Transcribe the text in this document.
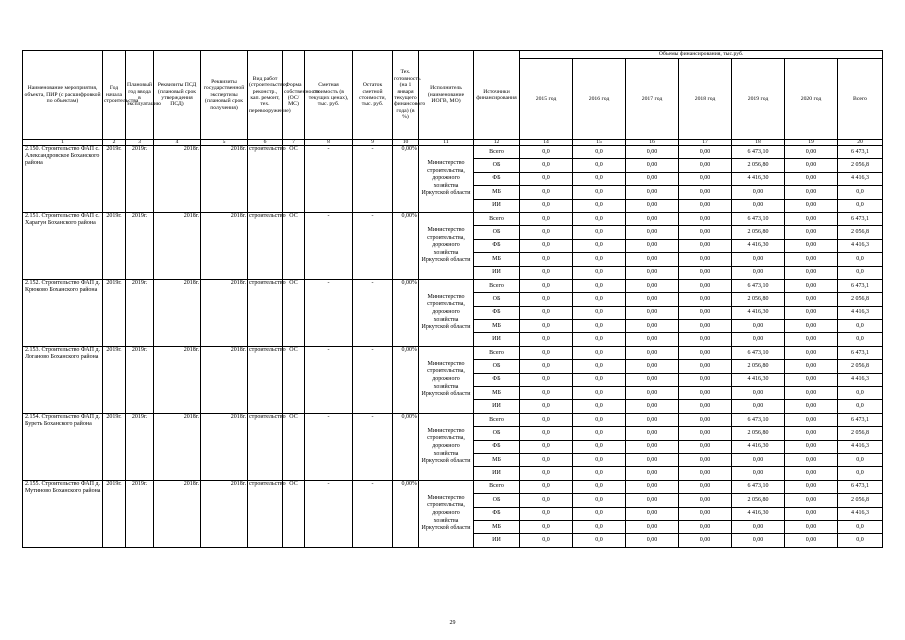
Наименование мероприятия, объекта, ПИР (с расшифровкой по объектам)	Год начала строительства	Плановый год ввода в эксплуатацию	Реквизиты ПСД (плановый срок утверждения ПСД)	Реквизиты государственной экспертизы (плановый срок получения)	Вид работ (строительство, реконстр., кап. ремонт, тех. перевооружение)	Форма собственности (ОС/МС)	Сметная стоимость (в текущих ценах), тыс. руб.	Остаток сметной стоимости, тыс. руб.	Тех. готовность (на 1 января текущего финансового года) (в %)	Исполнитель (наименование ИОГВ, МО)	Источники финансирования	Объемы финансирования, тыс.руб.						
												2015 год	2016 год	2017 год	2018 год	2019 год	2020 год	Всего
1	2	3	4	5	6	7	8	9	10	11	12	14	15	16	17	18	19	20
2.150. Строительство ФАП с. Александровское Боханского района	2019г.	2019г.	2018г.	2018г.	строительство	ОС	-	-	0,00%	Министерство строительства, дорожного хозяйства Иркутской области	Всего	0,0	0,0	0,00	0,00	6 473,10	0,00	6 473,1
											ОБ	0,0	0,0	0,00	0,00	2 056,80	0,00	2 056,8
											ФБ	0,0	0,0	0,00	0,00	4 416,30	0,00	4 416,3
											МБ	0,0	0,0	0,00	0,00	0,00	0,00	0,0
											ИИ	0,0	0,0	0,00	0,00	0,00	0,00	0,0
2.151. Строительство ФАП с. Харагун Боханского района	2019г.	2019г.	2018г.	2018г.	строительство	ОС	-	-	0,00%	Министерство строительства, дорожного хозяйства Иркутской области	Всего	0,0	0,0	0,00	0,00	6 473,10	0,00	6 473,1
											ОБ	0,0	0,0	0,00	0,00	2 056,80	0,00	2 056,8
											ФБ	0,0	0,0	0,00	0,00	4 416,30	0,00	4 416,3
											МБ	0,0	0,0	0,00	0,00	0,00	0,00	0,0
											ИИ	0,0	0,0	0,00	0,00	0,00	0,00	0,0
2.152. Строительство ФАП д. Крюково Боханского района	2019г.	2019г.	2018г.	2018г.	строительство	ОС	-	-	0,00%	Министерство строительства, дорожного хозяйства Иркутской области	Всего	0,0	0,0	0,00	0,00	6 473,10	0,00	6 473,1
											ОБ	0,0	0,0	0,00	0,00	2 056,80	0,00	2 056,8
											ФБ	0,0	0,0	0,00	0,00	4 416,30	0,00	4 416,3
											МБ	0,0	0,0	0,00	0,00	0,00	0,00	0,0
											ИИ	0,0	0,0	0,00	0,00	0,00	0,00	0,0
2.153. Строительство ФАП д. Логаново Боханского района	2019г.	2019г.	2018г.	2018г.	строительство	ОС	-	-	0,00%	Министерство строительства, дорожного хозяйства Иркутской области	Всего	0,0	0,0	0,00	0,00	6 473,10	0,00	6 473,1
											ОБ	0,0	0,0	0,00	0,00	2 056,80	0,00	2 056,8
											ФБ	0,0	0,0	0,00	0,00	4 416,30	0,00	4 416,3
											МБ	0,0	0,0	0,00	0,00	0,00	0,00	0,0
											ИИ	0,0	0,0	0,00	0,00	0,00	0,00	0,0
2.154. Строительство ФАП д. Буреть Боханского района	2019г.	2019г.	2018г.	2018г.	строительство	ОС	-	-	0,00%	Министерство строительства, дорожного хозяйства Иркутской области	Всего	0,0	0,0	0,00	0,00	6 473,10	0,00	6 473,1
											ОБ	0,0	0,0	0,00	0,00	2 056,80	0,00	2 056,8
											ФБ	0,0	0,0	0,00	0,00	4 416,30	0,00	4 416,3
											МБ	0,0	0,0	0,00	0,00	0,00	0,00	0,0
											ИИ	0,0	0,0	0,00	0,00	0,00	0,00	0,0
2.155. Строительство ФАП д. Мутиново Боханского района	2019г.	2019г.	2018г.	2018г.	строительство	ОС	-	-	0,00%	Министерство строительства, дорожного хозяйства Иркутской области	Всего	0,0	0,0	0,00	0,00	6 473,10	0,00	6 473,1
											ОБ	0,0	0,0	0,00	0,00	2 056,80	0,00	2 056,8
											ФБ	0,0	0,0	0,00	0,00	4 416,30	0,00	4 416,3
											МБ	0,0	0,0	0,00	0,00	0,00	0,00	0,0
											ИИ	0,0	0,0	0,00	0,00	0,00	0,00	0,0
29
